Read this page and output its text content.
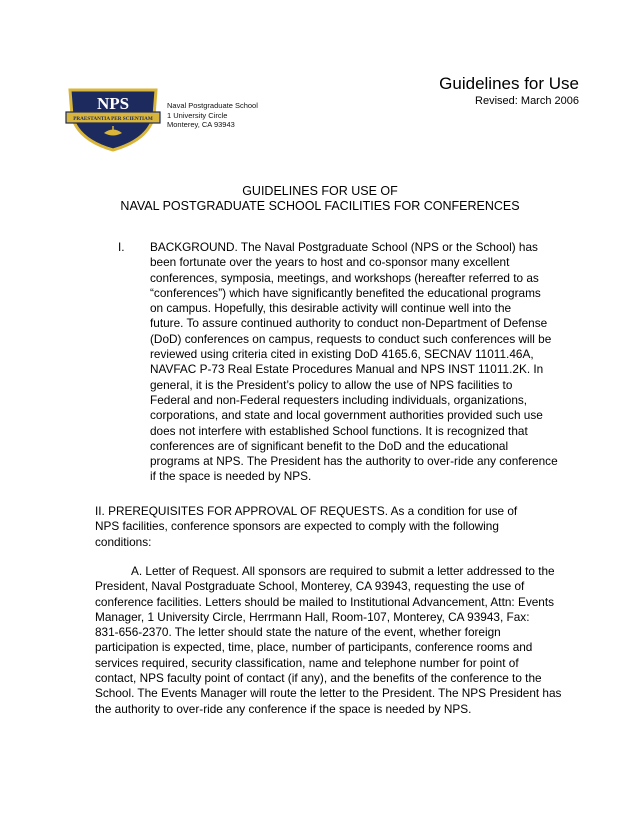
PRAESTANTIA PER SCIENTIAM
NPS	Naval Postgraduate School
1 University Circle
Monterey, CA 93943
Guidelines for Use
Revised: March 2006
GUIDELINES FOR USE OF
NAVAL POSTGRADUATE SCHOOL FACILITIES FOR CONFERENCES
I. BACKGROUND. The Naval Postgraduate School (NPS or the School) has
been fortunate over the years to host and co-sponsor many excellent
conferences, symposia, meetings, and workshops (hereafter referred to as
“conferences”) which have significantly benefited the educational programs
on campus. Hopefully, this desirable activity will continue well into the
future. To assure continued authority to conduct non-Department of Defense
(DoD) conferences on campus, requests to conduct such conferences will be
reviewed using criteria cited in existing DoD 4165.6, SECNAV 11011.46A,
NAVFAC P-73 Real Estate Procedures Manual and NPS INST 11011.2K. In
general, it is the President’s policy to allow the use of NPS facilities to
Federal and non-Federal requesters including individuals, organizations,
corporations, and state and local government authorities provided such use
does not interfere with established School functions. It is recognized that
conferences are of significant benefit to the DoD and the educational
programs at NPS. The President has the authority to over-ride any conference
if the space is needed by NPS.
II. PREREQUISITES FOR APPROVAL OF REQUESTS. As a condition for use of
NPS facilities, conference sponsors are expected to comply with the following
conditions:
A. Letter of Request. All sponsors are required to submit a letter addressed to the
President, Naval Postgraduate School, Monterey, CA 93943, requesting the use of
conference facilities. Letters should be mailed to Institutional Advancement, Attn: Events
Manager, 1 University Circle, Herrmann Hall, Room-107, Monterey, CA 93943, Fax:
831-656-2370. The letter should state the nature of the event, whether foreign
participation is expected, time, place, number of participants, conference rooms and
services required, security classification, name and telephone number for point of
contact, NPS faculty point of contact (if any), and the benefits of the conference to the
School. The Events Manager will route the letter to the President. The NPS President has
the authority to over-ride any conference if the space is needed by NPS.
